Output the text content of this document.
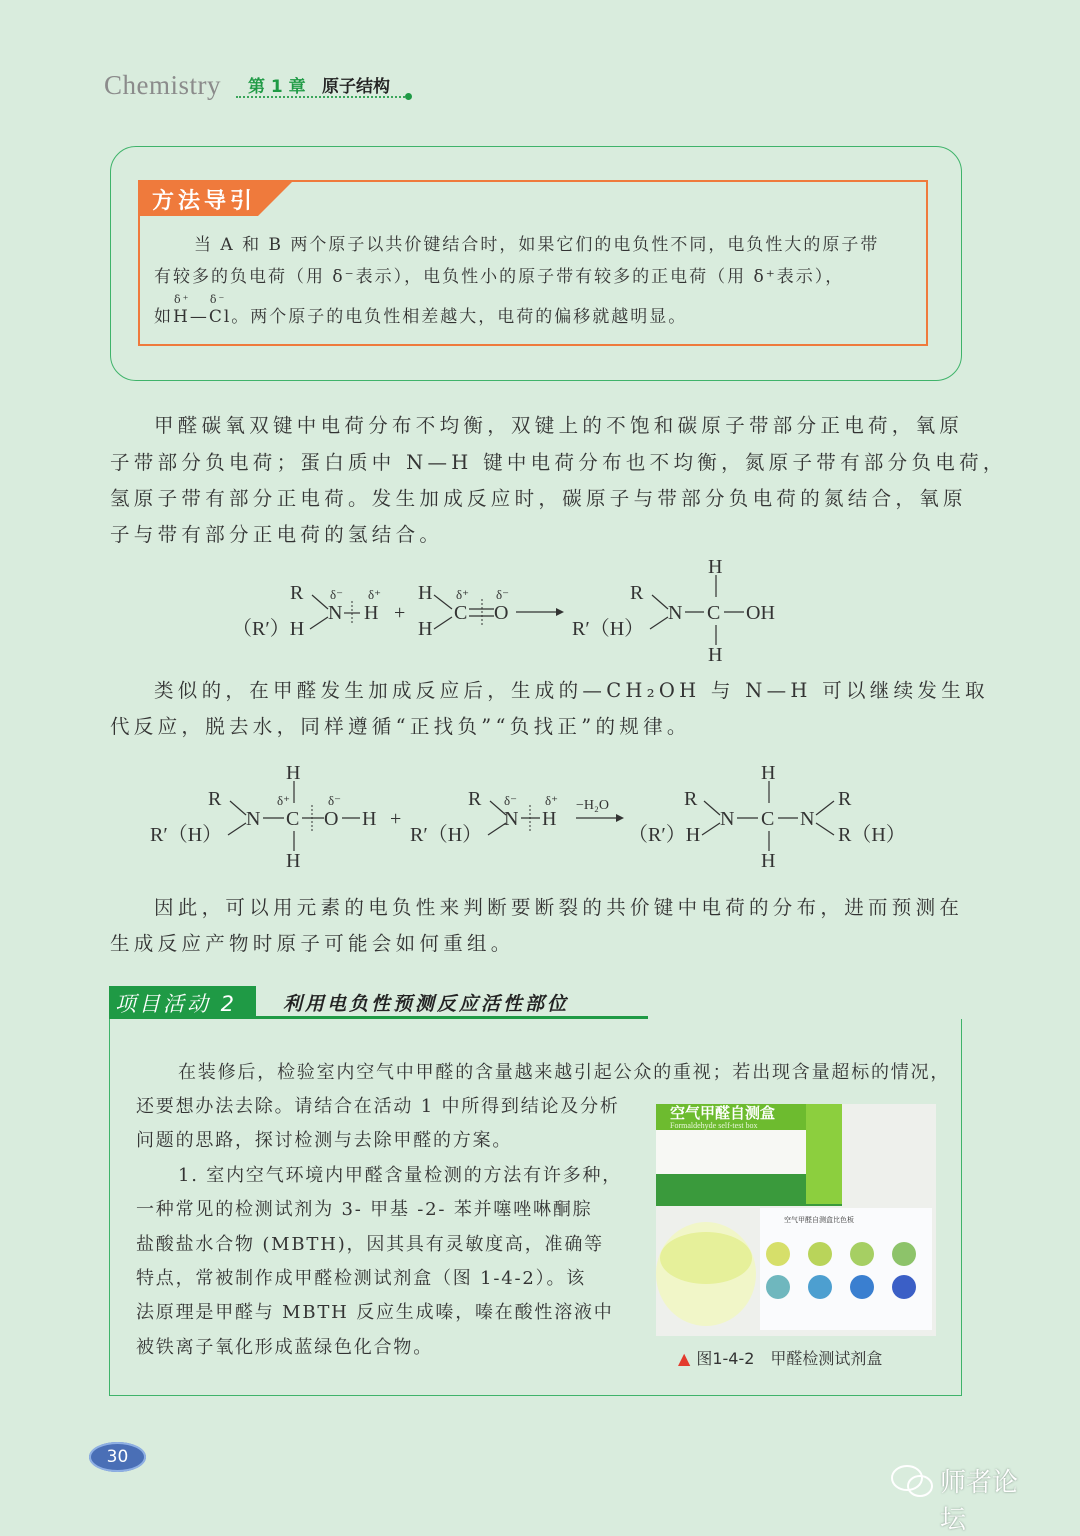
Chemistry 第 1 章 原子结构
方法导引
当 A 和 B 两个原子以共价键结合时，如果它们的电负性不同，电负性大的原子带
有较多的负电荷（用 δ⁻表示），电负性小的原子带有较多的正电荷（用 δ⁺表示），
如
δ⁺
H—
δ⁻
Cl。两个原子的电负性相差越大，电荷的偏移就越明显。
甲醛碳氧双键中电荷分布不均衡，双键上的不饱和碳原子带部分正电荷，氧原
子带部分负电荷；蛋白质中 N—H 键中电荷分布也不均衡，氮原子带有部分负电荷，
氢原子带有部分正电荷。发生加成反应时，碳原子与带部分负电荷的氮结合，氧原
子与带有部分正电荷的氢结合。
R
（R′）H
N
δ⁻ δ⁺
H +
H
H
δ⁺
C
δ⁻
O
R
R′（H）
N C
H
H
OH
类似的，在甲醛发生加成反应后，生成的—CH₂OH 与 N—H 可以继续发生取
代反应，脱去水，同样遵循“正找负”“负找正”的规律。
R
R′（H）
N
δ⁺
C
H
H
δ⁻
O H +
R
R′（H）
δ⁻
N
δ⁺
H
−H₂O
（R′）H
R
N C
H
H
N
R
R（H）
因此，可以用元素的电负性来判断要断裂的共价键中电荷的分布，进而预测在
生成反应产物时原子可能会如何重组。
项目活动 2 利用电负性预测反应活性部位
在装修后，检验室内空气中甲醛的含量越来越引起公众的重视；若出现含量超标的情况，
还要想办法去除。请结合在活动 1 中所得到结论及分析
问题的思路，探讨检测与去除甲醛的方案。
1. 室内空气环境内甲醛含量检测的方法有许多种，
一种常见的检测试剂为 3- 甲基 -2- 苯并噻唑啉酮腙
盐酸盐水合物 (MBTH)，因其具有灵敏度高，准确等
特点，常被制作成甲醛检测试剂盒（图 1-4-2）。该
法原理是甲醛与 MBTH 反应生成嗪，嗪在酸性溶液中
被铁离子氧化形成蓝绿色化合物。
空气甲醛自测盒
Formaldehyde self-test box
空气甲醛自测盒比色板
▲ 图1-4-2　甲醛检测试剂盒
30
师者论坛
